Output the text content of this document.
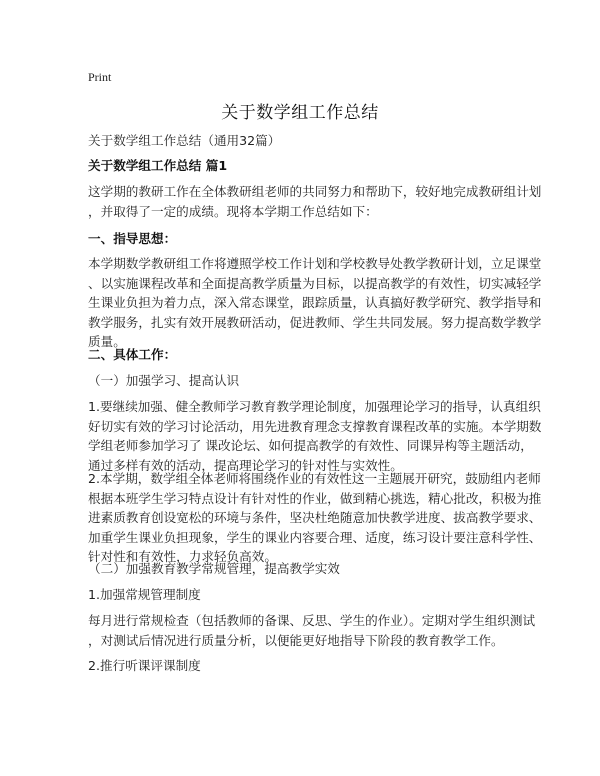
Print
关于数学组工作总结
关于数学组工作总结（通用32篇）
关于数学组工作总结 篇1
这学期的教研工作在全体教研组老师的共同努力和帮助下，较好地完成教研组计划
，并取得了一定的成绩。现将本学期工作总结如下：
一、指导思想：
本学期数学教研组工作将遵照学校工作计划和学校教导处教学教研计划，立足课堂
、以实施课程改革和全面提高教学质量为目标，以提高教学的有效性，切实减轻学
生课业负担为着力点，深入常态课堂，跟踪质量，认真搞好教学研究、教学指导和
教学服务，扎实有效开展教研活动，促进教师、学生共同发展。努力提高数学教学
质量。
二、具体工作：
（一）加强学习、提高认识
1.要继续加强、健全教师学习教育教学理论制度，加强理论学习的指导，认真组织
好切实有效的学习讨论活动，用先进教育理念支撑教育课程改革的实施。本学期数
学组老师参加学习了 课改论坛、如何提高教学的有效性、同课异构等主题活动，
通过多样有效的活动，提高理论学习的针对性与实效性。
2.本学期，数学组全体老师将围绕作业的有效性这一主题展开研究，鼓励组内老师
根据本班学生学习特点设计有针对性的作业，做到精心挑选，精心批改，积极为推
进素质教育创设宽松的环境与条件，坚决杜绝随意加快教学进度、拔高教学要求、
加重学生课业负担现象，学生的课业内容要合理、适度，练习设计要注意科学性、
针对性和有效性，力求轻负高效。
（二）加强教育教学常规管理，提高教学实效
1.加强常规管理制度
每月进行常规检查（包括教师的备课、反思、学生的作业）。定期对学生组织测试
，对测试后情况进行质量分析，以便能更好地指导下阶段的教育教学工作。
2.推行听课评课制度
